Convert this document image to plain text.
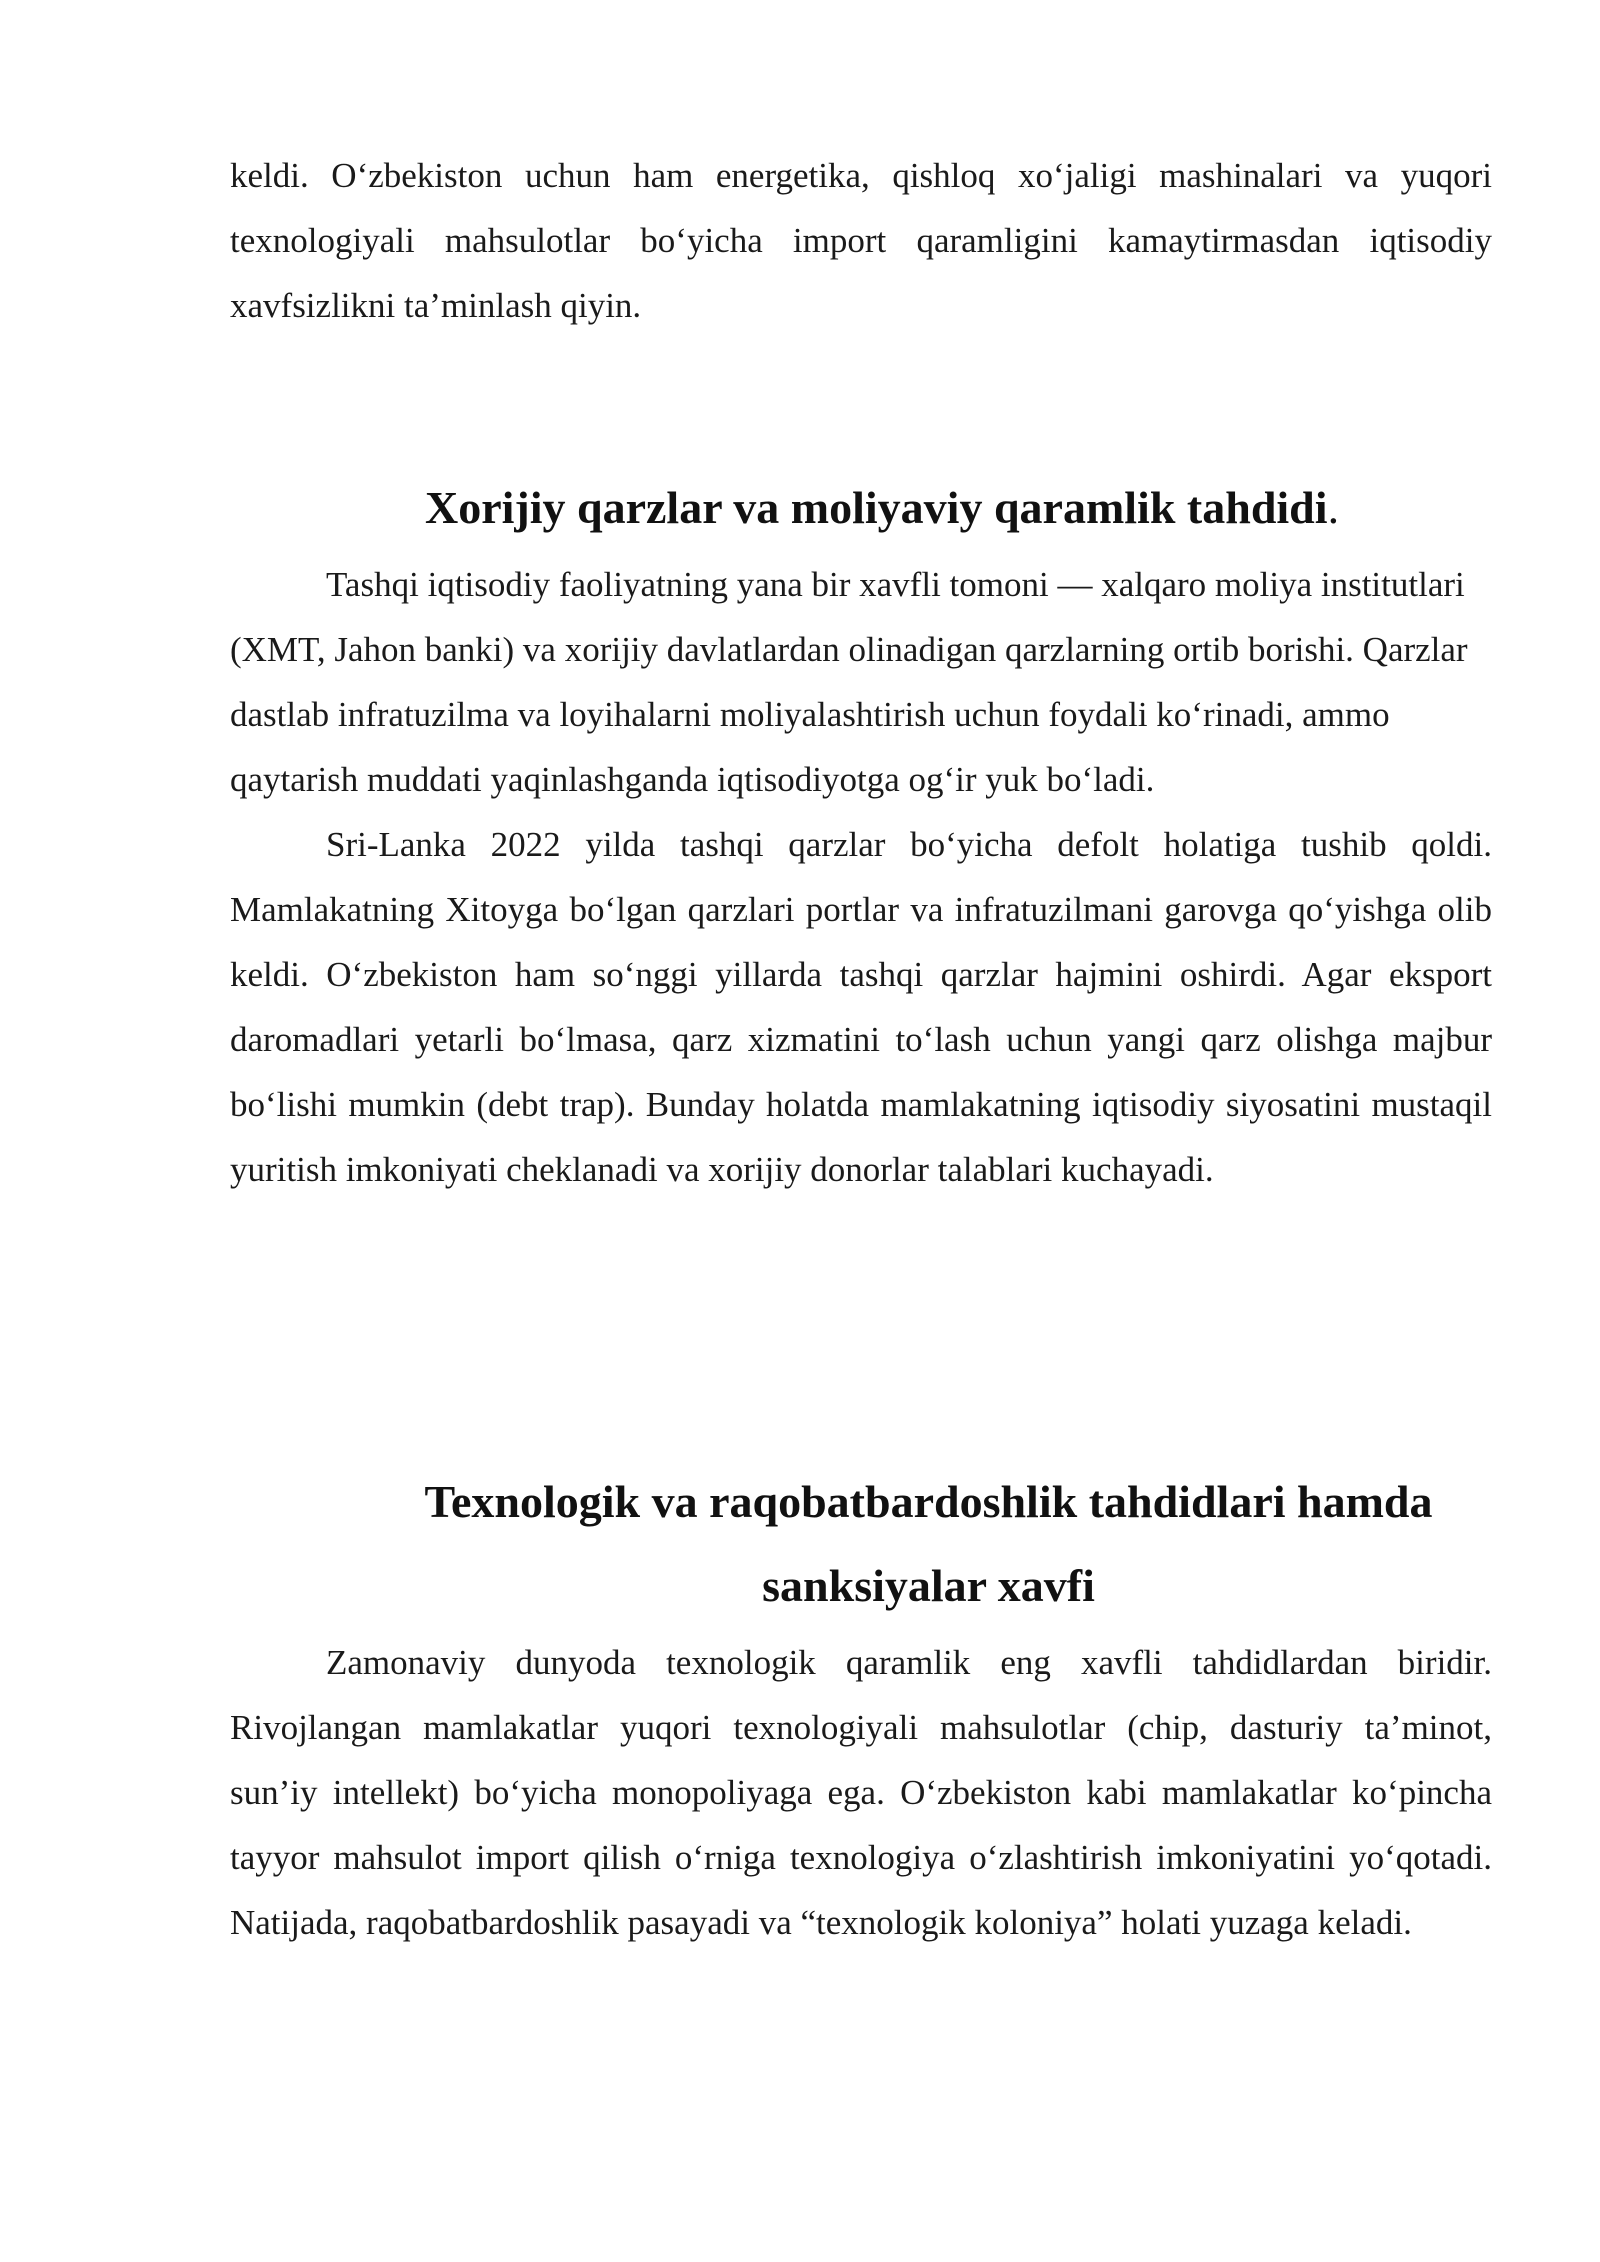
keldi. O‘zbekiston uchun ham energetika, qishloq xo‘jaligi mashinalari va yuqori texnologiyali mahsulotlar bo‘yicha import qaramligini kamaytirmasdan iqtisodiy xavfsizlikni ta’minlash qiyin.

Xorijiy qarzlar va moliyaviy qaramlik tahdidi.

Tashqi iqtisodiy faoliyatning yana bir xavfli tomoni — xalqaro moliya institutlari (XMT, Jahon banki) va xorijiy davlatlardan olinadigan qarzlarning ortib borishi. Qarzlar dastlab infratuzilma va loyihalarni moliyalashtirish uchun foydali ko‘rinadi, ammo qaytarish muddati yaqinlashganda iqtisodiyotga og‘ir yuk bo‘ladi.

Sri-Lanka 2022 yilda tashqi qarzlar bo‘yicha defolt holatiga tushib qoldi. Mamlakatning Xitoyga bo‘lgan qarzlari portlar va infratuzilmani garovga qo‘yishga olib keldi. O‘zbekiston ham so‘nggi yillarda tashqi qarzlar hajmini oshirdi. Agar eksport daromadlari yetarli bo‘lmasa, qarz xizmatini to‘lash uchun yangi qarz olishga majbur bo‘lishi mumkin (debt trap). Bunday holatda mamlakatning iqtisodiy siyosatini mustaqil yuritish imkoniyati cheklanadi va xorijiy donorlar talablari kuchayadi.

Texnologik va raqobatbardoshlik tahdidlari hamda
sanksiyalar xavfi

Zamonaviy dunyoda texnologik qaramlik eng xavfli tahdidlardan biridir. Rivojlangan mamlakatlar yuqori texnologiyali mahsulotlar (chip, dasturiy ta’minot, sun’iy intellekt) bo‘yicha monopoliyaga ega. O‘zbekiston kabi mamlakatlar ko‘pincha tayyor mahsulot import qilish o‘rniga texnologiya o‘zlashtirish imkoniyatini yo‘qotadi. Natijada, raqobatbardoshlik pasayadi va “texnologik koloniya” holati yuzaga keladi.
